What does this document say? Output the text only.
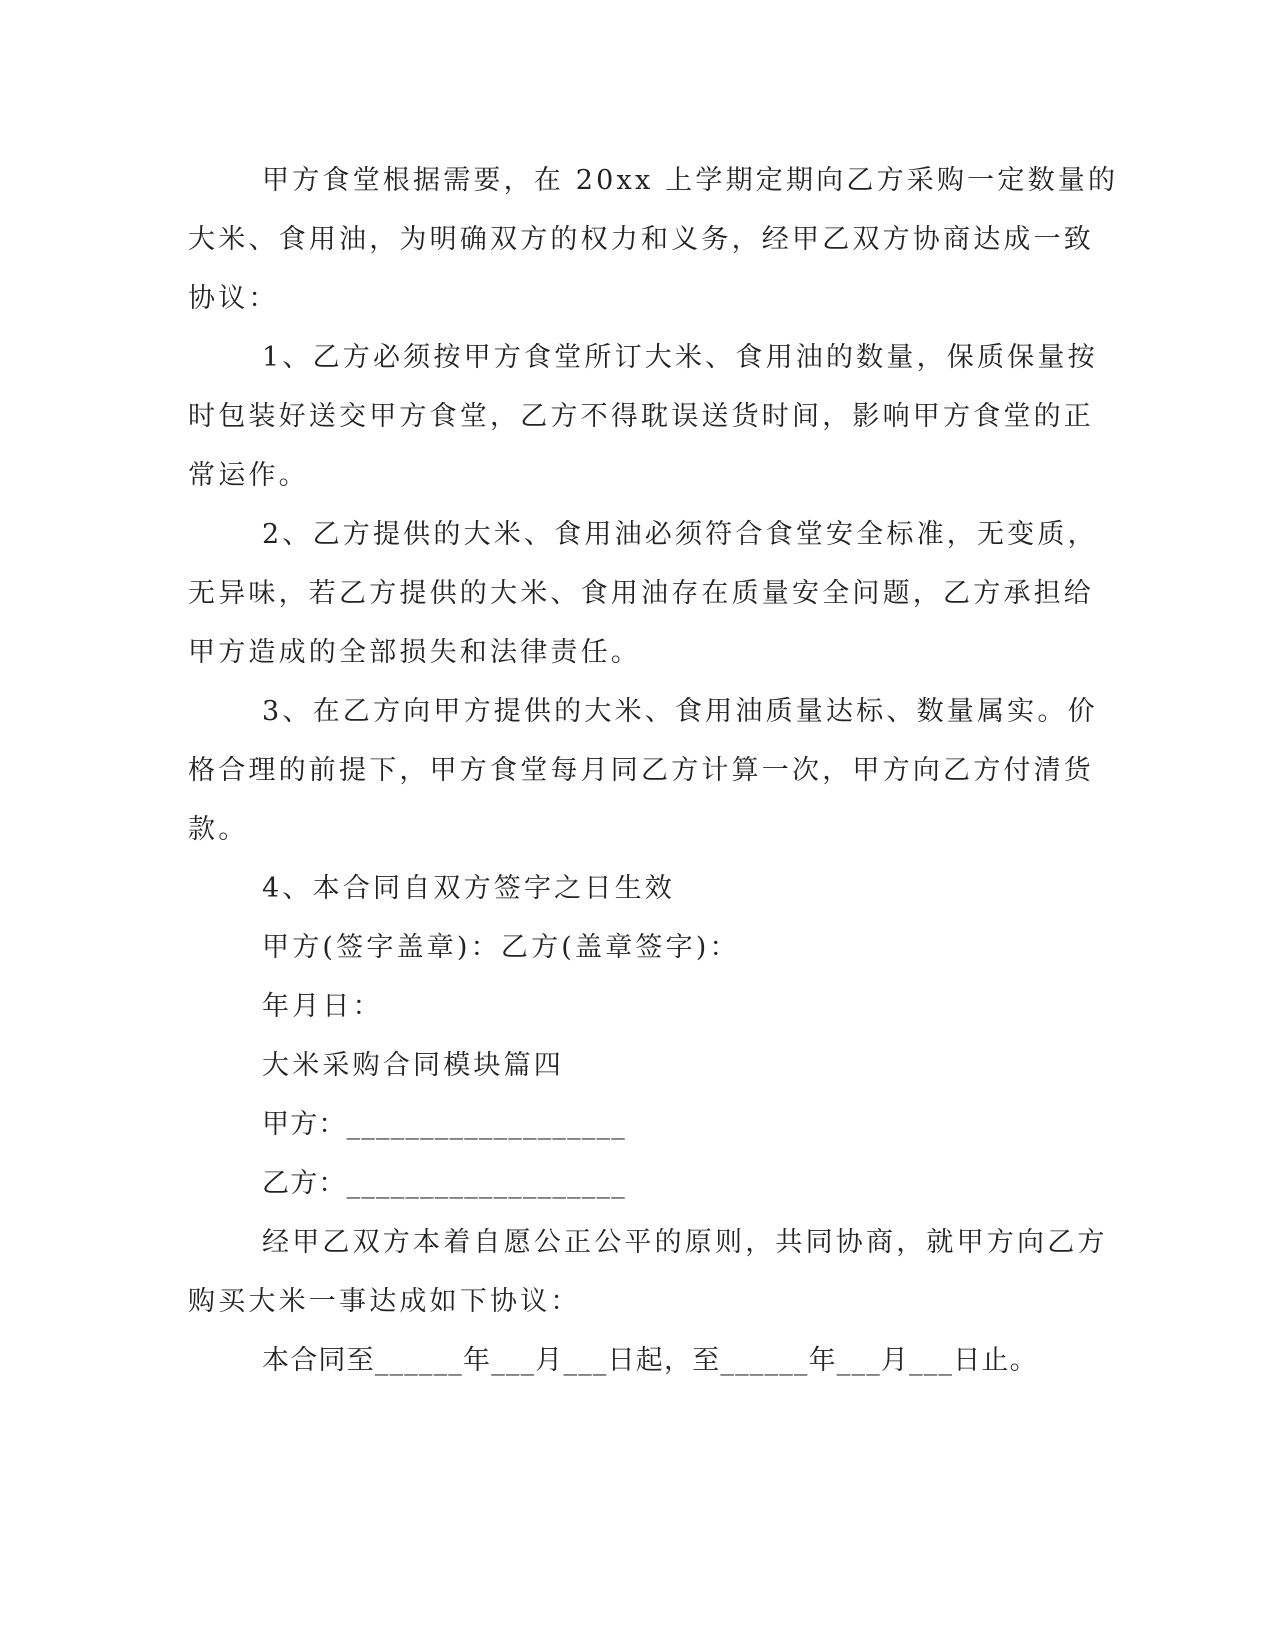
甲方食堂根据需要，在 20xx 上学期定期向乙方采购一定数量的

大米、食用油，为明确双方的权力和义务，经甲乙双方协商达成一致

协议：

1、乙方必须按甲方食堂所订大米、食用油的数量，保质保量按

时包装好送交甲方食堂，乙方不得耽误送货时间，影响甲方食堂的正

常运作。

2、乙方提供的大米、食用油必须符合食堂安全标准，无变质，

无异味，若乙方提供的大米、食用油存在质量安全问题，乙方承担给

甲方造成的全部损失和法律责任。

3、在乙方向甲方提供的大米、食用油质量达标、数量属实。价

格合理的前提下，甲方食堂每月同乙方计算一次，甲方向乙方付清货

款。

4、本合同自双方签字之日生效

甲方(签字盖章)：乙方(盖章签字)：

年月日：

大米采购合同模块篇四

甲方：___________________

乙方：___________________

经甲乙双方本着自愿公正公平的原则，共同协商，就甲方向乙方

购买大米一事达成如下协议：

本合同至______年___月___日起，至______年___月___日止。
